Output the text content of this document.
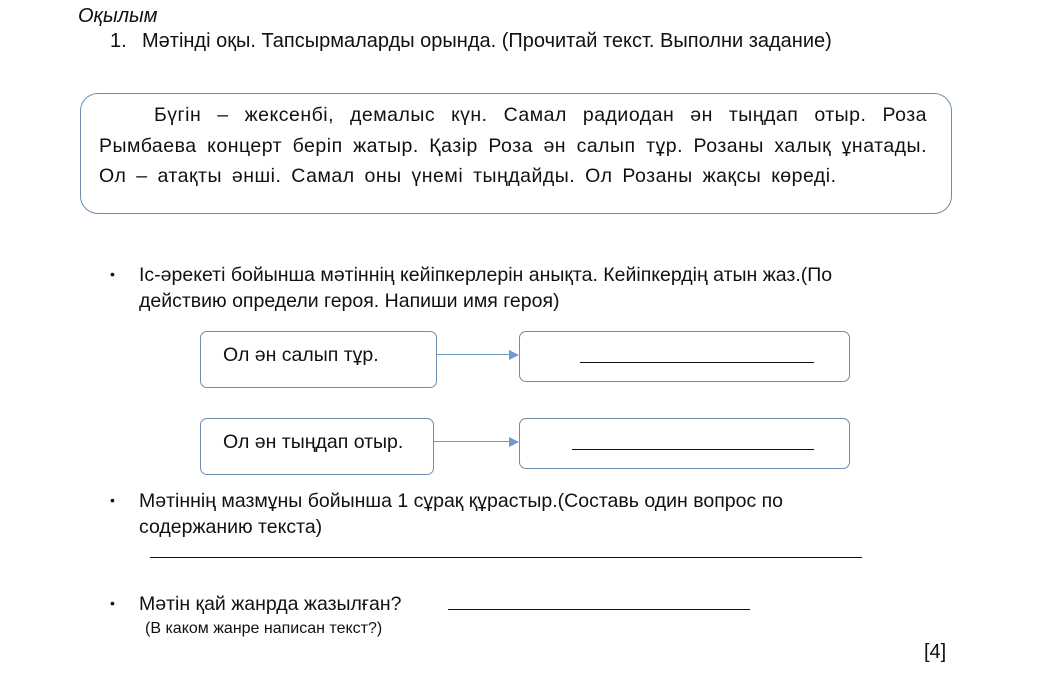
Оқылым
1. Мәтінді оқы. Тапсырмаларды орында. (Прочитай текст. Выполни задание)
Бүгін – жексенбі, демалыс күн. Самал радиодан ән тыңдап отыр. Роза Рымбаева концерт беріп жатыр. Қазір Роза ән салып тұр. Розаны халық ұнатады. Ол – атақты әнші. Самал оны үнемі тыңдайды. Ол Розаны жақсы көреді.
• Іс-әрекеті бойынша мәтіннің кейіпкерлерін анықта. Кейіпкердің атын жаз.(По
действию определи героя. Напиши имя героя)
Ол ән салып тұр.
Ол ән тыңдап отыр.
• Мәтіннің мазмұны бойынша 1 сұрақ құрастыр.(Составь один вопрос по
содержанию текста)
• Мәтін қай жанрда жазылған?
(В каком жанре написан текст?)
[4]
